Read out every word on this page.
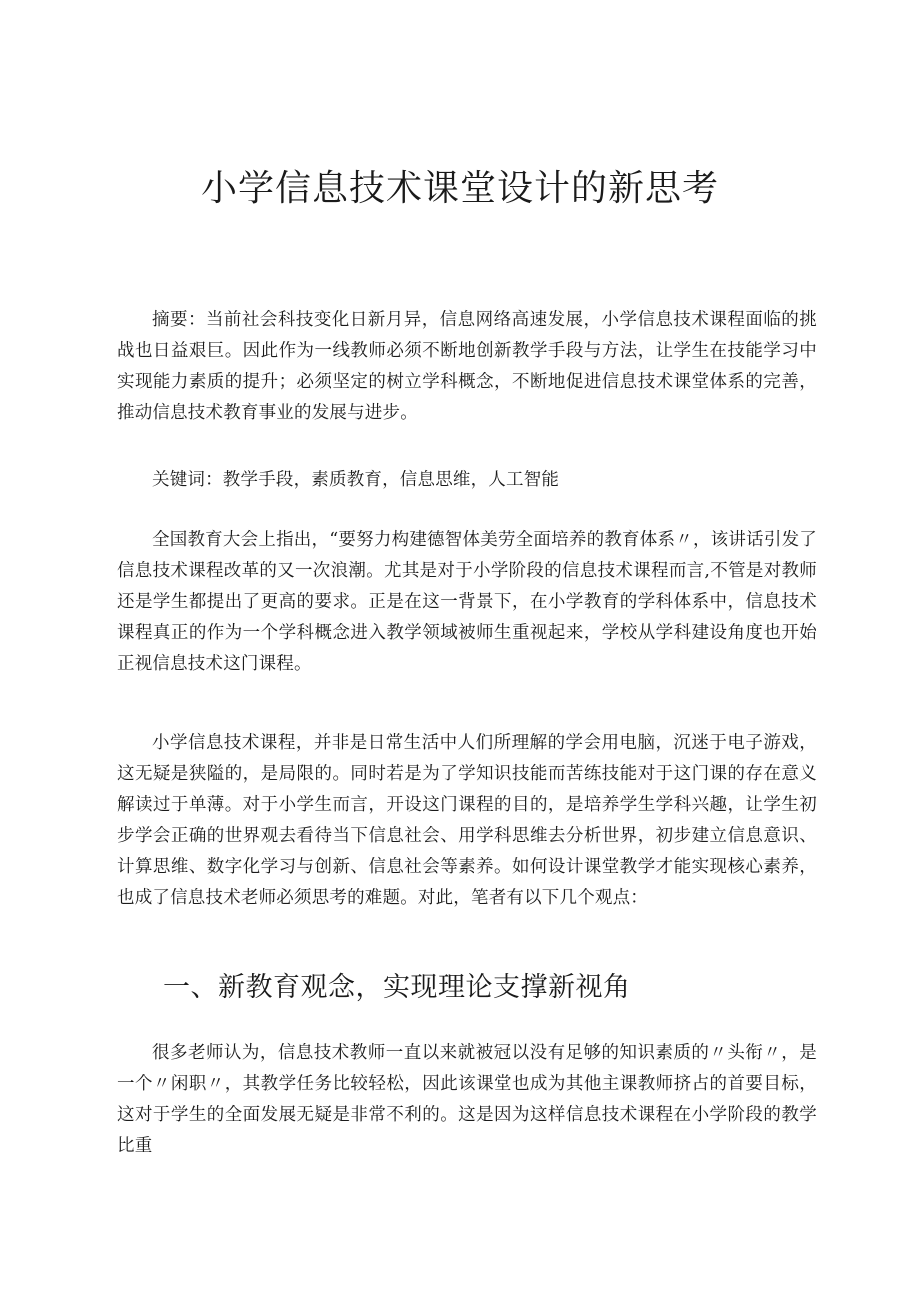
小学信息技术课堂设计的新思考

摘要：当前社会科技变化日新月异，信息网络高速发展，小学信息技术课程面临的挑战也日益艰巨。因此作为一线教师必须不断地创新教学手段与方法，让学生在技能学习中实现能力素质的提升；必须坚定的树立学科概念，不断地促进信息技术课堂体系的完善，推动信息技术教育事业的发展与进步。

关键词：教学手段，素质教育，信息思维，人工智能

全国教育大会上指出，“要努力构建德智体美劳全面培养的教育体系〃，该讲话引发了信息技术课程改革的又一次浪潮。尤其是对于小学阶段的信息技术课程而言,不管是对教师还是学生都提出了更高的要求。正是在这一背景下，在小学教育的学科体系中，信息技术课程真正的作为一个学科概念进入教学领域被师生重视起来，学校从学科建设角度也开始正视信息技术这门课程。

小学信息技术课程，并非是日常生活中人们所理解的学会用电脑，沉迷于电子游戏，这无疑是狭隘的，是局限的。同时若是为了学知识技能而苦练技能对于这门课的存在意义解读过于单薄。对于小学生而言，开设这门课程的目的，是培养学生学科兴趣，让学生初步学会正确的世界观去看待当下信息社会、用学科思维去分析世界，初步建立信息意识、计算思维、数字化学习与创新、信息社会等素养。如何设计课堂教学才能实现核心素养，也成了信息技术老师必须思考的难题。对此，笔者有以下几个观点：

一、新教育观念，实现理论支撑新视角

很多老师认为，信息技术教师一直以来就被冠以没有足够的知识素质的〃头衔〃，是一个〃闲职〃，其教学任务比较轻松，因此该课堂也成为其他主课教师挤占的首要目标，这对于学生的全面发展无疑是非常不利的。这是因为这样信息技术课程在小学阶段的教学比重
